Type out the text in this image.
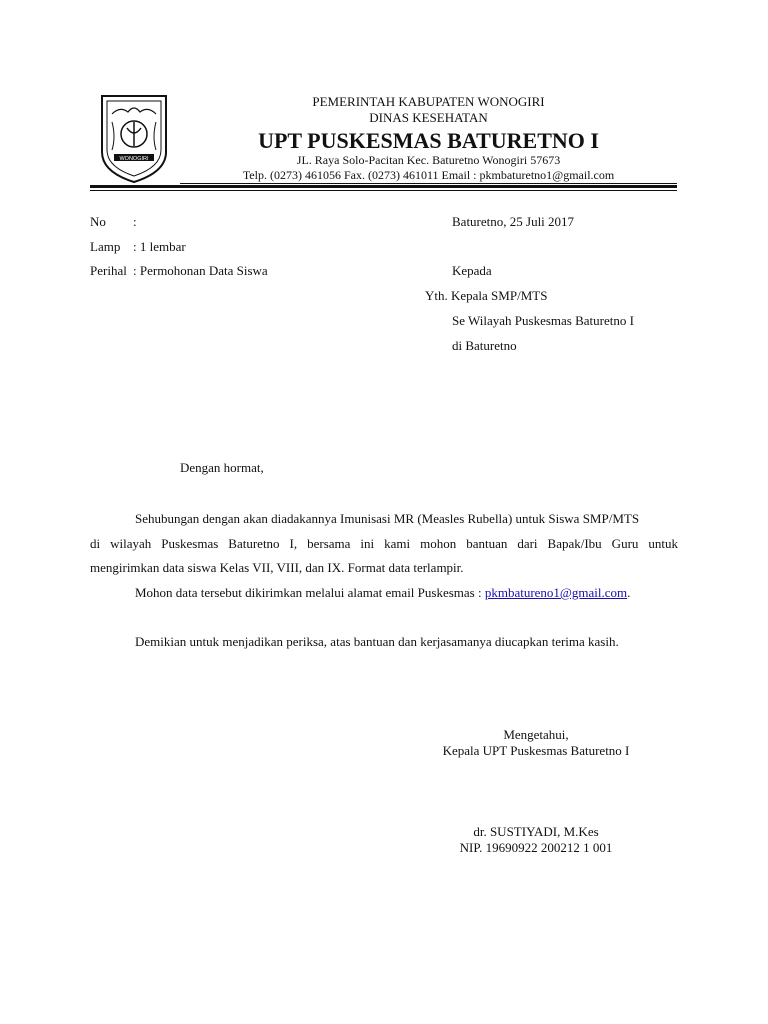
WONOGIRI
PEMERINTAH KABUPATEN WONOGIRI
DINAS KESEHATAN
UPT PUSKESMAS BATURETNO I
JL. Raya Solo-Pacitan Kec. Baturetno Wonogiri 57673
Telp. (0273) 461056 Fax. (0273) 461011 Email : pkmbaturetno1@gmail.com
No :
Lamp : 1 lembar
Perihal : Permohonan Data Siswa
Baturetno, 25 Juli 2017
Kepada
Yth. Kepala SMP/MTS
Se Wilayah Puskesmas Baturetno I
di Baturetno
Dengan hormat,
Sehubungan dengan akan diadakannya Imunisasi MR (Measles Rubella) untuk Siswa SMP/MTS
di wilayah Puskesmas Baturetno I, bersama ini kami mohon bantuan dari Bapak/Ibu Guru untuk
mengirimkan data siswa Kelas VII, VIII, dan IX. Format data terlampir.
Mohon data tersebut dikirimkan melalui alamat email Puskesmas : pkmbatureno1@gmail.com.
Demikian untuk menjadikan periksa, atas bantuan dan kerjasamanya diucapkan terima kasih.
Mengetahui,
Kepala UPT Puskesmas Baturetno I
dr. SUSTIYADI, M.Kes
NIP. 19690922 200212 1 001
